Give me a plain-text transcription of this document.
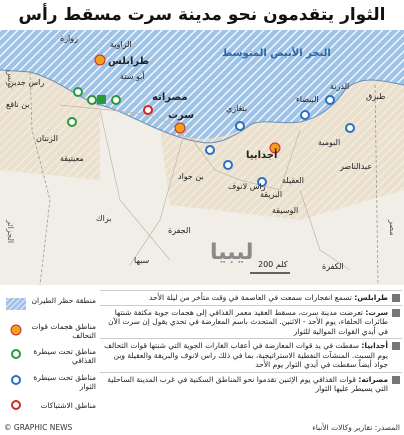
الثوار يتقدمون نحو مدينة سرت مسقط رأس
البحر الأبيض المتوسط
تونس
الجزائر	مصر
ليبيا
زوارة
الزاوية
طرابلس
أبو ستة
راس جدير
بن نافع
الزنتان
معيتيقة
مصراته
سرت
بن جواد
راس لانوف
البريقة
الجفرة
براك
سبها
أجدابيا
بنغازي
البيضاء
الدرنة
طبرق
البومبة
عبدالناصر
العقيلة
الوسيقة
الكفرة
200 كلم
منطقة حظر الطيران
مناطق هجمات قوات التحالف
مناطق تحت سيطرة القذافي
مناطق تحت سيطرة الثوار
مناطق الاشتباكات
طرابلس: تسمع انفجارات سمعت في العاصمة في وقت متأخر من ليلة الأحد
سرت: تعرضت مدينة سرت، مسقط العقيد معمر القذافي إلى هجمات جوية مكثفة شنتها طائرات الحلفاء، يوم الأحد - الاثنين. المتحدث باسم المعارضة في تحدي يقول إن سرت الآن في أيدي القوات الموالية للثوار
أجدابيا: سقطت في يد قوات المعارضة في أعقاب الغارات الجوية التي شنتها قوات التحالف يوم السبت. المنشآت النفطية الاستراتيجية، بما في ذلك راس لانوف والبريقة والعقيلة وبن جواد أيضاً سقطت في أيدي الثوار يوم الأحد
مصراته: قوات القذافي يوم الإثنين تقدموا نحو المناطق السكنية في غرب المدينة الساحلية التي يسيطر عليها الثوار
© GRAPHIC NEWS	المصدر: تقارير وكالات الأنباء
